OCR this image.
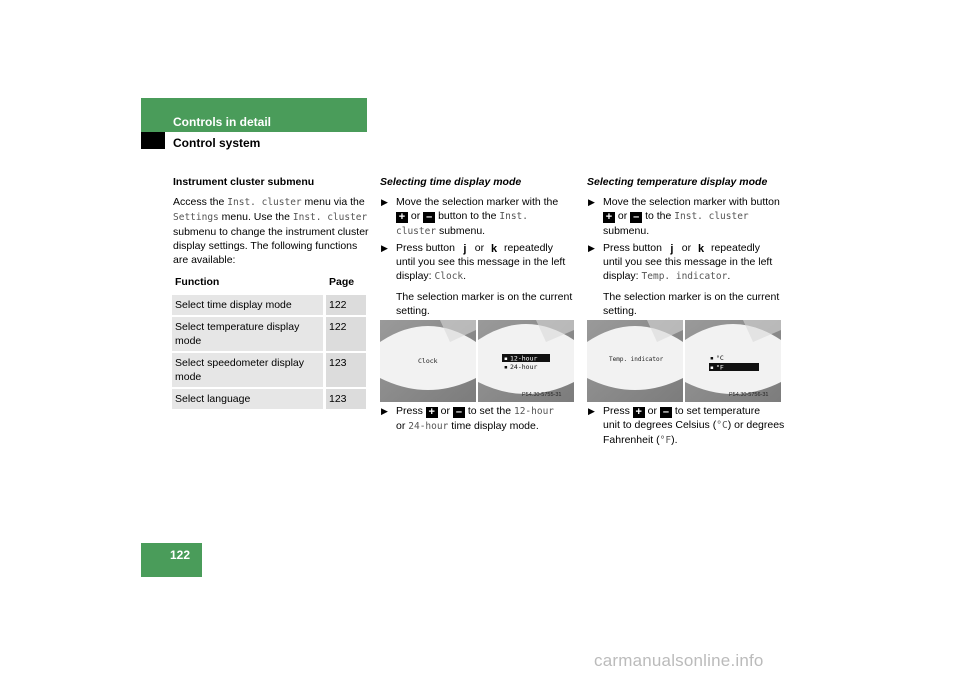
Controls in detail
Control system
Instrument cluster submenu

Access the Inst. cluster menu via the

Settings menu. Use the Inst. cluster

submenu to change the instrument cluster

display settings. The following functions

are available:

Function	Page
Select time display mode	122
Select temperature display mode	122
Select speedometer display mode	123
Select language	123
Selecting time display mode
▶ Move the selection marker with the
+ or – button to the Inst.
cluster submenu.
▶ Press button j or k repeatedly
until you see this message in the left
display: Clock.
The selection marker is on the current
setting.
Clock	▪ 12-hour
▪ 24-hour
P54.30-5755-31
▶ Press + or – to set the 12-hour
or 24-hour time display mode.
Selecting temperature display mode
▶ Move the selection marker with button
+ or – to the Inst. cluster
submenu.
▶ Press button j or k repeatedly
until you see this message in the left
display: Temp. indicator.
The selection marker is on the current
setting.
Temp. indicator	▪ °C
▪ °F
P54.30-5756-31
▶ Press + or – to set temperature
unit to degrees Celsius (°C) or degrees
Fahrenheit (°F).
122
carmanualsonline.info
